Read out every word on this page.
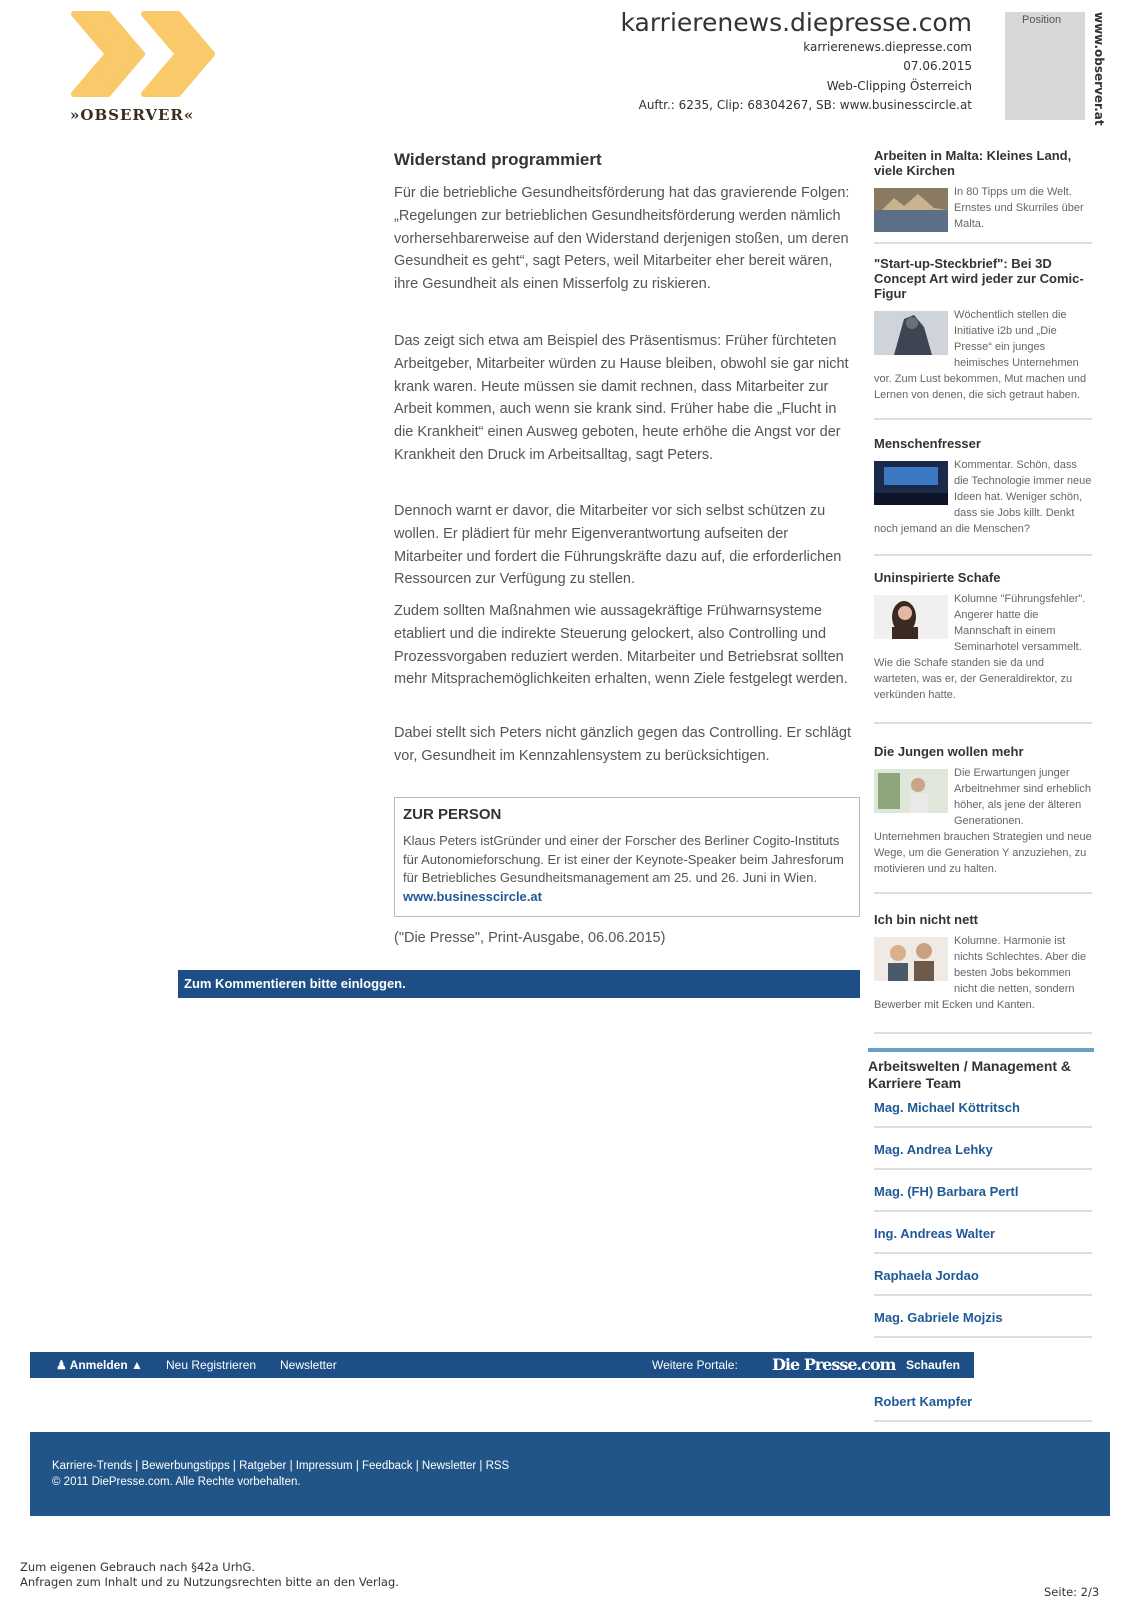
»OBSERVER«
karrierenews.diepresse.com
karrierenews.diepresse.com
07.06.2015
Web-Clipping Österreich
Auftr.: 6235, Clip: 68304267, SB: www.businesscircle.at
Position	www.observer.at
Widerstand programmiert
Für die betriebliche Gesundheitsförderung hat das gravierende Folgen: „Regelungen zur betrieblichen Gesundheitsförderung werden nämlich vorhersehbarerweise auf den Widerstand derjenigen stoßen, um deren Gesundheit es geht“, sagt Peters, weil Mitarbeiter eher bereit wären, ihre Gesundheit als einen Misserfolg zu riskieren.
Das zeigt sich etwa am Beispiel des Präsentismus: Früher fürchteten Arbeitgeber, Mitarbeiter würden zu Hause bleiben, obwohl sie gar nicht krank waren. Heute müssen sie damit rechnen, dass Mitarbeiter zur Arbeit kommen, auch wenn sie krank sind. Früher habe die „Flucht in die Krankheit“ einen Ausweg geboten, heute erhöhe die Angst vor der Krankheit den Druck im Arbeitsalltag, sagt Peters.
Dennoch warnt er davor, die Mitarbeiter vor sich selbst schützen zu wollen. Er plädiert für mehr Eigenverantwortung aufseiten der Mitarbeiter und fordert die Führungskräfte dazu auf, die erforderlichen Ressourcen zur Verfügung zu stellen.
Zudem sollten Maßnahmen wie aussagekräftige Frühwarnsysteme etabliert und die indirekte Steuerung gelockert, also Controlling und Prozessvorgaben reduziert werden. Mitarbeiter und Betriebsrat sollten mehr Mitsprachemöglichkeiten erhalten, wenn Ziele festgelegt werden.
Dabei stellt sich Peters nicht gänzlich gegen das Controlling. Er schlägt vor, Gesundheit im Kennzahlensystem zu berücksichtigen.
ZUR PERSON
Klaus Peters istGründer und einer der Forscher des Berliner Cogito-Instituts für Autonomieforschung. Er ist einer der Keynote-Speaker beim Jahresforum für Betriebliches Gesundheitsmanagement am 25. und 26. Juni in Wien. www.businesscircle.at
("Die Presse", Print-Ausgabe, 06.06.2015)
Zum Kommentieren bitte einloggen.
Arbeiten in Malta: Kleines Land, viele Kirchen
In 80 Tipps um die Welt. Ernstes und Skurriles über Malta.
"Start-up-Steckbrief": Bei 3D Concept Art wird jeder zur Comic-Figur
Wöchentlich stellen die Initiative i2b und „Die Presse“ ein junges heimisches Unternehmen vor. Zum Lust bekommen, Mut machen und Lernen von denen, die sich getraut haben.
Menschenfresser
Kommentar. Schön, dass die Technologie immer neue Ideen hat. Weniger schön, dass sie Jobs killt. Denkt noch jemand an die Menschen?
Uninspirierte Schafe
Kolumne "Führungsfehler". Angerer hatte die Mannschaft in einem Seminarhotel versammelt. Wie die Schafe standen sie da und warteten, was er, der Generaldirektor, zu verkünden hatte.
Die Jungen wollen mehr
Die Erwartungen junger Arbeitnehmer sind erheblich höher, als jene der älteren Generationen. Unternehmen brauchen Strategien und neue Wege, um die Generation Y anzuziehen, zu motivieren und zu halten.
Ich bin nicht nett
Kolumne. Harmonie ist nichts Schlechtes. Aber die besten Jobs bekommen nicht die netten, sondern Bewerber mit Ecken und Kanten.
Arbeitswelten / Management & Karriere Team
Mag. Michael Köttritsch
Mag. Andrea Lehky
Mag. (FH) Barbara Pertl
Ing. Andreas Walter
Raphaela Jordao
Mag. Gabriele Mojzis
Robert Kampfer
♟ Anmelden ▲ Neu Registrieren Newsletter	Weitere Portale: Die Presse.com Schaufen
Karriere-Trends | Bewerbungstipps | Ratgeber | Impressum | Feedback | Newsletter | RSS
© 2011 DiePresse.com. Alle Rechte vorbehalten.
Zum eigenen Gebrauch nach §42a UrhG.
Anfragen zum Inhalt und zu Nutzungsrechten bitte an den Verlag.
Seite: 2/3
